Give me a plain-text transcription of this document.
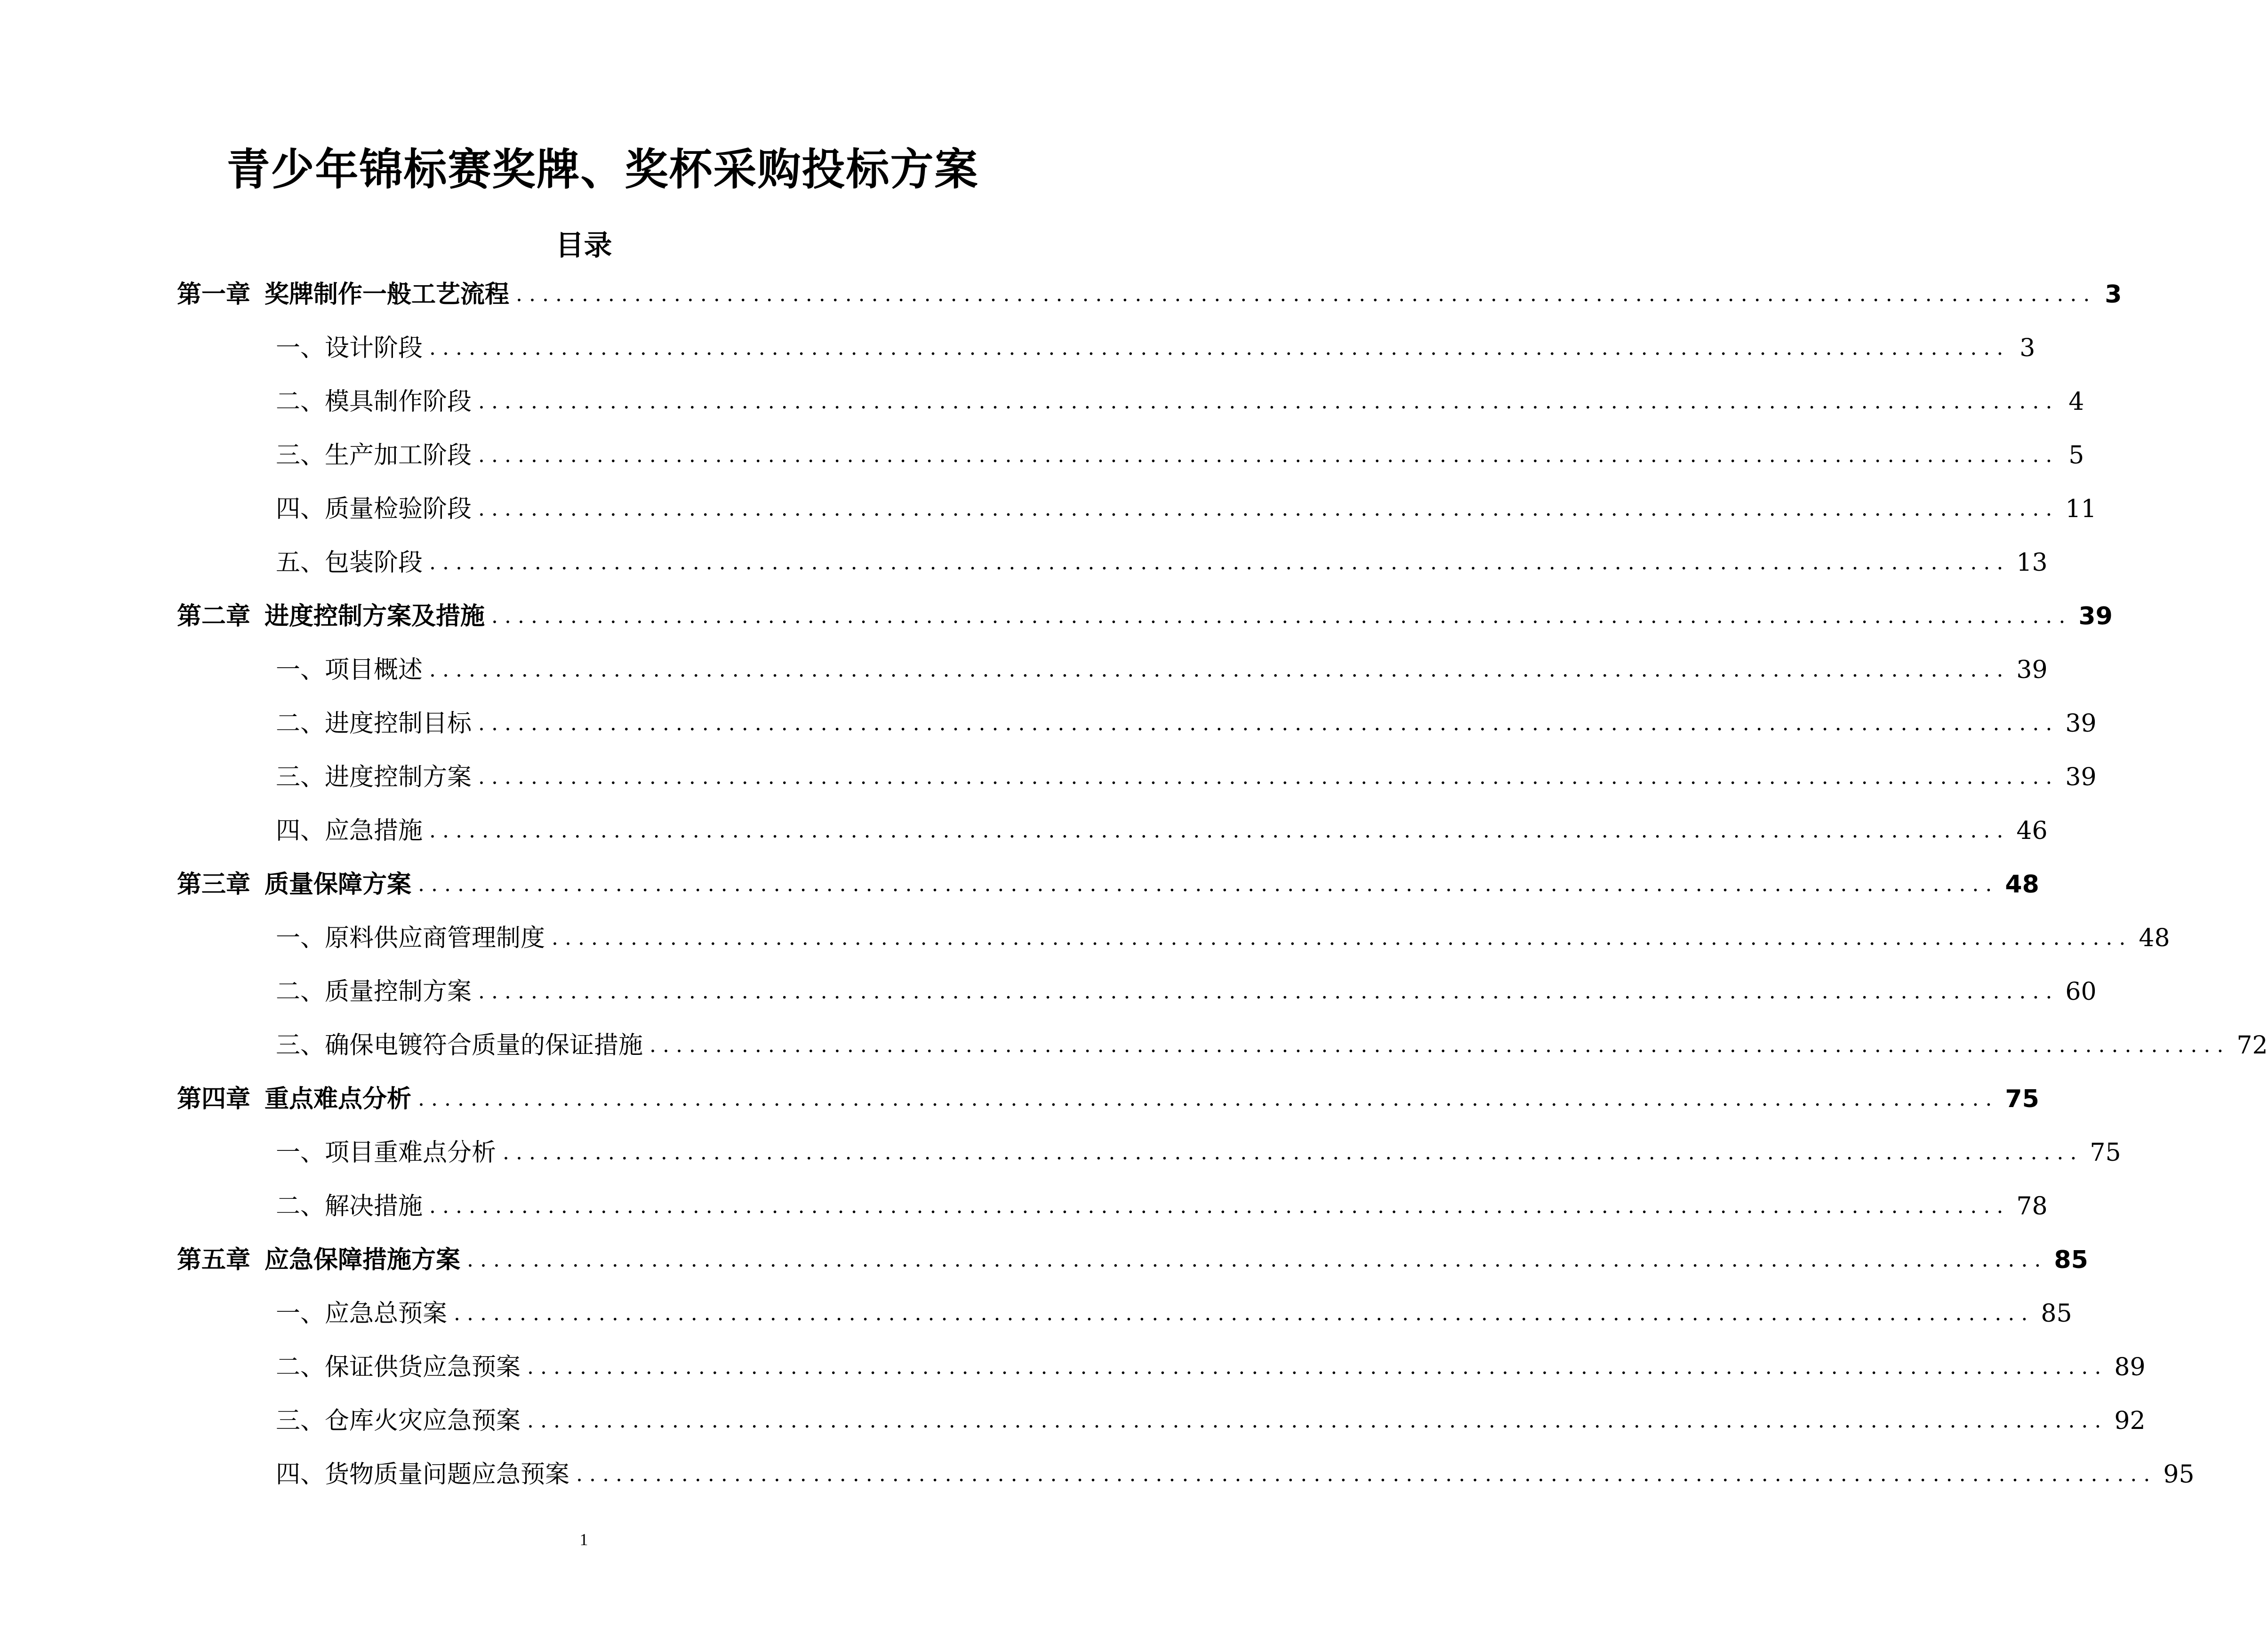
青少年锦标赛奖牌、奖杯采购投标方案
目录
第一章 奖牌制作一般工艺流程 ........................................................................................................................ 3
一、 设计阶段 ........................................................................................................................ 3
二、 模具制作阶段 ........................................................................................................................ 4
三、 生产加工阶段 ........................................................................................................................ 5
四、 质量检验阶段 ........................................................................................................................ 11
五、 包装阶段 ........................................................................................................................ 13
第二章 进度控制方案及措施 ........................................................................................................................ 39
一、 项目概述 ........................................................................................................................ 39
二、 进度控制目标 ........................................................................................................................ 39
三、 进度控制方案 ........................................................................................................................ 39
四、 应急措施 ........................................................................................................................ 46
第三章 质量保障方案 ........................................................................................................................ 48
一、 原料供应商管理制度 ........................................................................................................................ 48
二、 质量控制方案 ........................................................................................................................ 60
三、 确保电镀符合质量的保证措施 ........................................................................................................................ 72
第四章 重点难点分析 ........................................................................................................................ 75
一、 项目重难点分析 ........................................................................................................................ 75
二、 解决措施 ........................................................................................................................ 78
第五章 应急保障措施方案 ........................................................................................................................ 85
一、 应急总预案 ........................................................................................................................ 85
二、 保证供货应急预案 ........................................................................................................................ 89
三、 仓库火灾应急预案 ........................................................................................................................ 92
四、 货物质量问题应急预案 ........................................................................................................................ 95
1
